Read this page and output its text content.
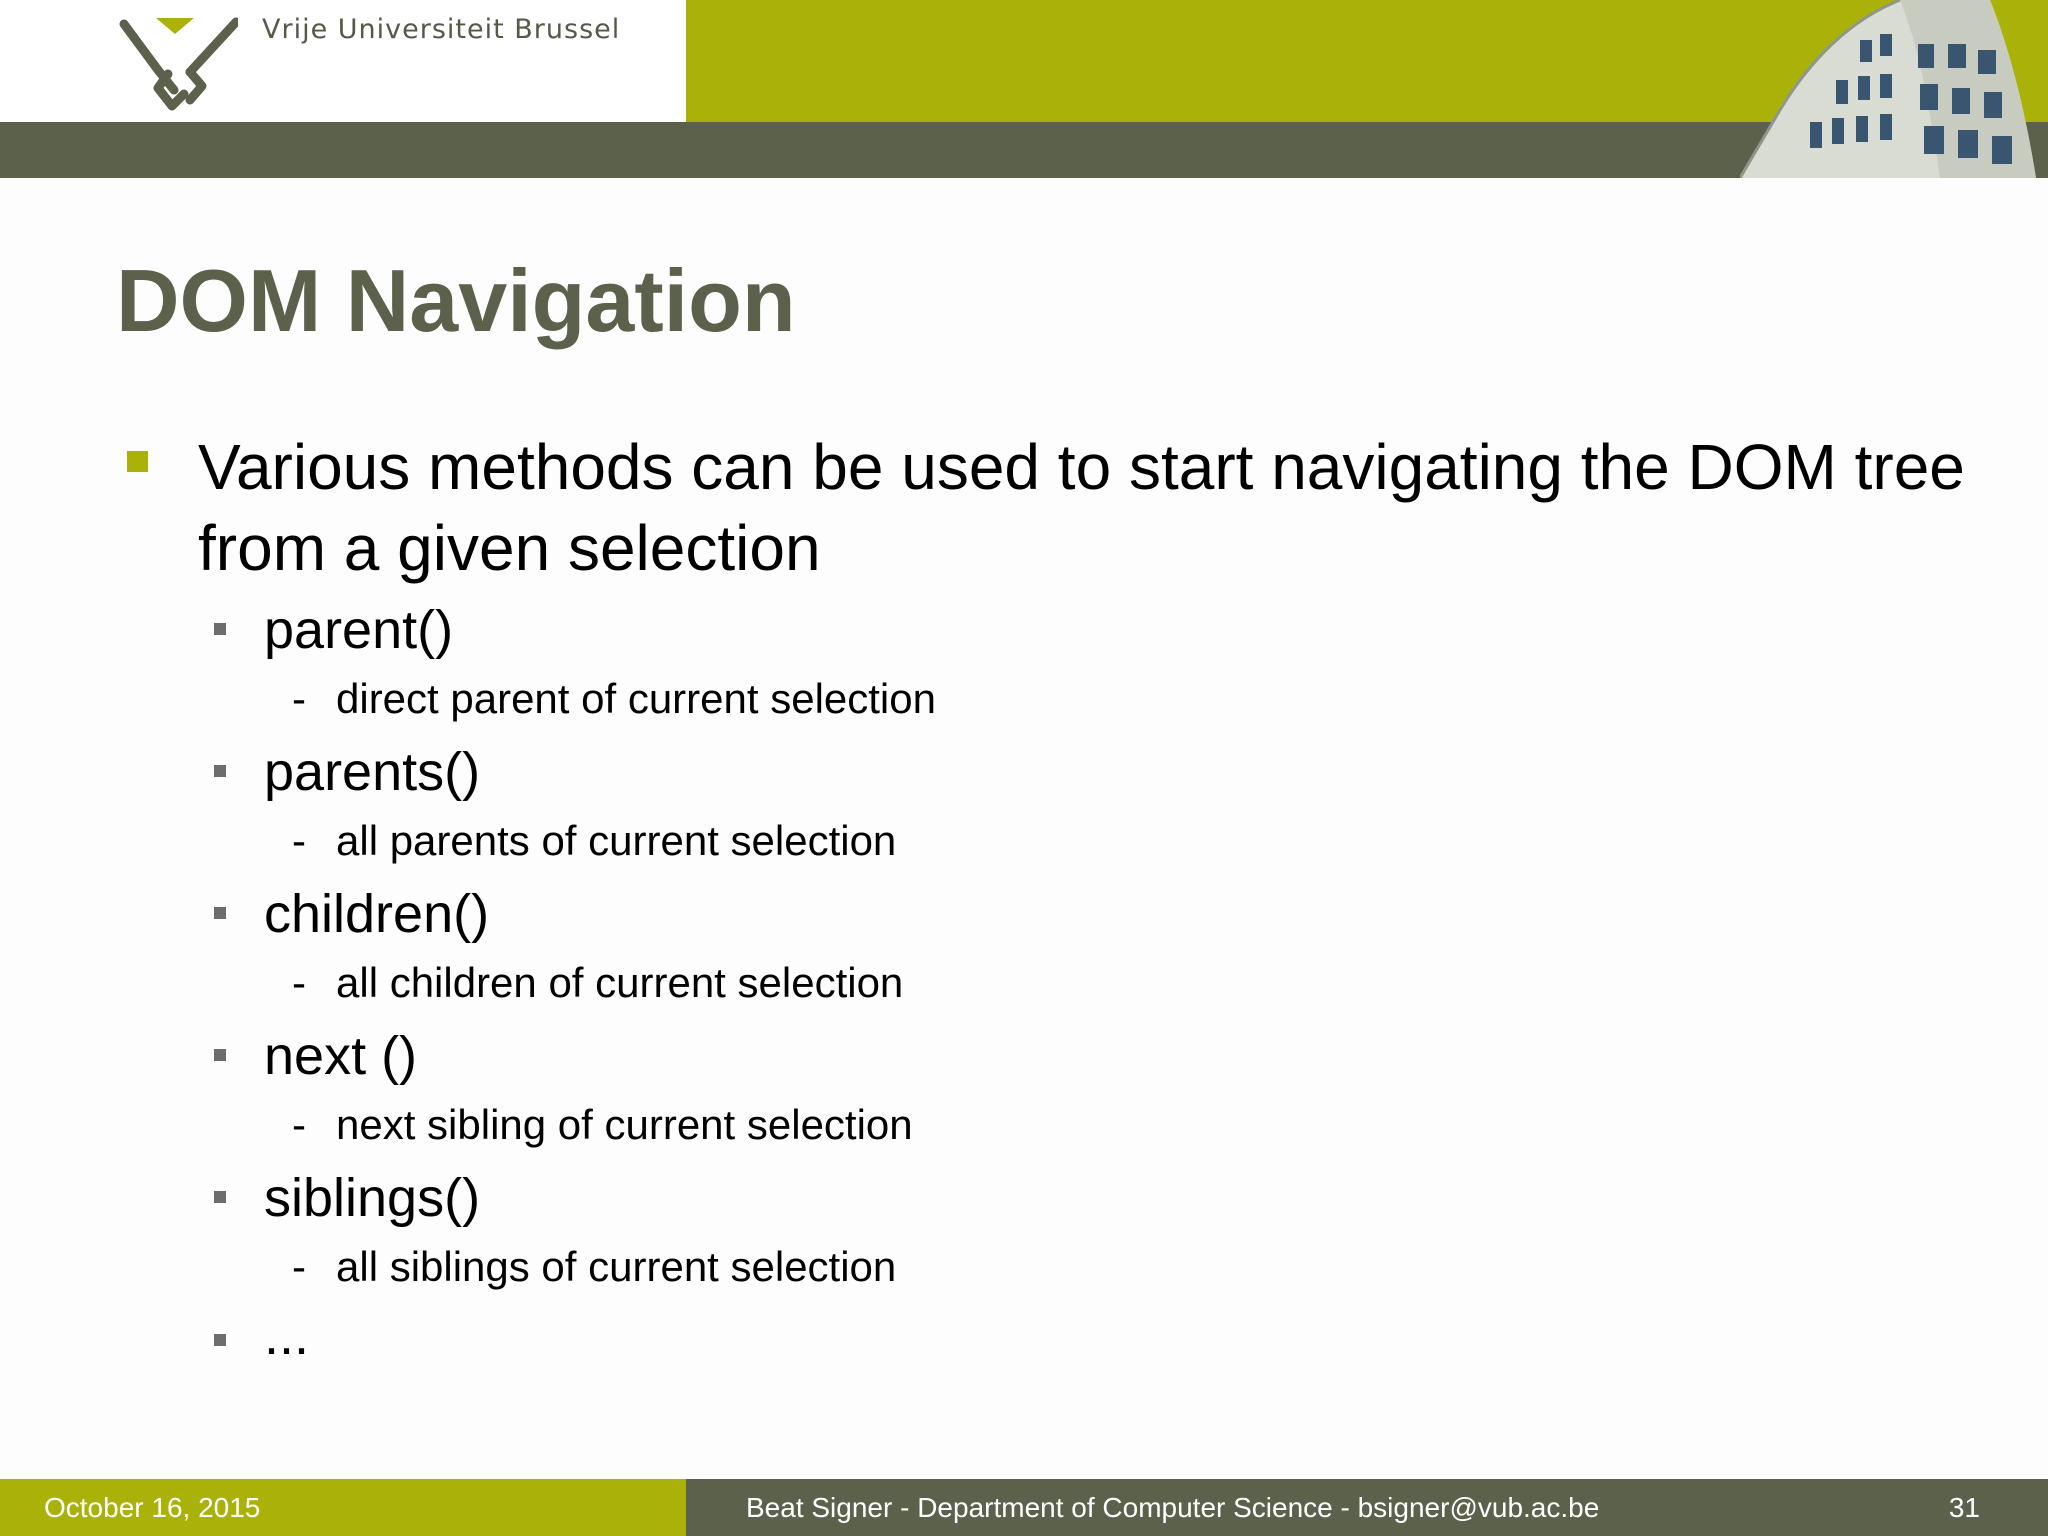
Vrije Universiteit Brussel
DOM Navigation
Various methods can be used to start navigating the DOM tree from a given selection
parent()
- direct parent of current selection
parents()
- all parents of current selection
children()
- all children of current selection
next ()
- next sibling of current selection
siblings()
- all siblings of current selection
...
October 16, 2015	Beat Signer - Department of Computer Science - bsigner@vub.ac.be	31
